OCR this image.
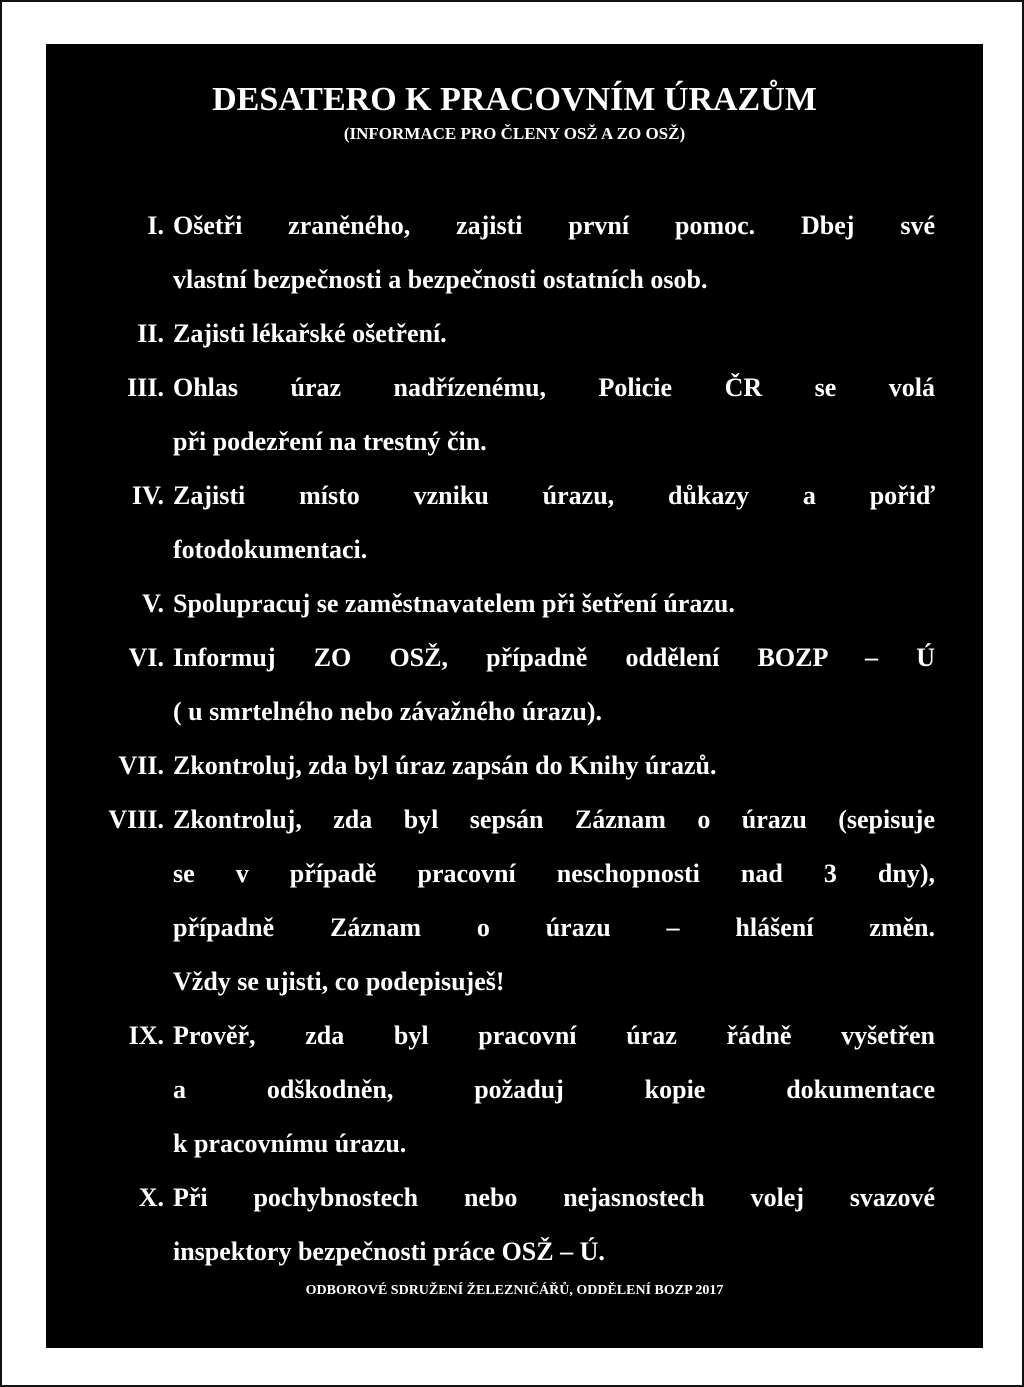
DESATERO K PRACOVNÍM ÚRAZŮM

(INFORMACE PRO ČLENY OSŽ A ZO OSŽ)

I. Ošetři zraněného, zajisti první pomoc. Dbej své
vlastní bezpečnosti a bezpečnosti ostatních osob.
II. Zajisti lékařské ošetření.
III. Ohlas úraz nadřízenému, Policie ČR se volá
při podezření na trestný čin.
IV. Zajisti místo vzniku úrazu, důkazy a pořiď
fotodokumentaci.
V. Spolupracuj se zaměstnavatelem při šetření úrazu.
VI. Informuj ZO OSŽ, případně oddělení BOZP – Ú
( u smrtelného nebo závažného úrazu).
VII. Zkontroluj, zda byl úraz zapsán do Knihy úrazů.
VIII. Zkontroluj, zda byl sepsán Záznam o úrazu (sepisuje
se v případě pracovní neschopnosti nad 3 dny),
případně Záznam o úrazu – hlášení změn.
Vždy se ujisti, co podepisuješ!
IX. Prověř, zda byl pracovní úraz řádně vyšetřen
a odškodněn, požaduj kopie dokumentace
k pracovnímu úrazu.
X. Při pochybnostech nebo nejasnostech volej svazové
inspektory bezpečnosti práce OSŽ – Ú.

ODBOROVÉ SDRUŽENÍ ŽELEZNIČÁŘŮ, ODDĚLENÍ BOZP 2017
